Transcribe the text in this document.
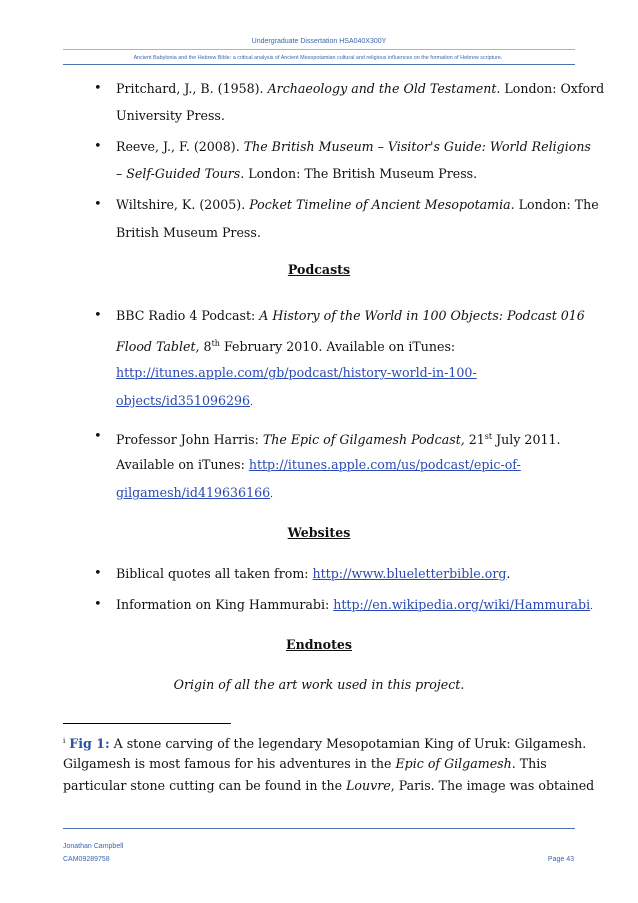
Undergraduate Dissertation HSA040X300Y
Ancient Babylonia and the Hebrew Bible: a critical analysis of Ancient Mesopotamian cultural and religious influences on the formation of Hebrew scripture.
• Pritchard, J., B. (1958). Archaeology and the Old Testament. London: Oxford
University Press.
• Reeve, J., F. (2008). The British Museum – Visitor's Guide: World Religions
– Self-Guided Tours. London: The British Museum Press.
• Wiltshire, K. (2005). Pocket Timeline of Ancient Mesopotamia. London: The
British Museum Press.
Podcasts
• BBC Radio 4 Podcast: A History of the World in 100 Objects: Podcast 016
Flood Tablet, 8th February 2010. Available on iTunes:
http://itunes.apple.com/gb/podcast/history-world-in-100-
objects/id351096296.
• Professor John Harris: The Epic of Gilgamesh Podcast, 21st July 2011.
Available on iTunes: http://itunes.apple.com/us/podcast/epic-of-
gilgamesh/id419636166.
Websites
• Biblical quotes all taken from: http://www.blueletterbible.org.
• Information on King Hammurabi: http://en.wikipedia.org/wiki/Hammurabi.
Endnotes
Origin of all the art work used in this project.
$^i$ Fig 1: A stone carving of the legendary Mesopotamian King of Uruk: Gilgamesh.
Gilgamesh is most famous for his adventures in the Epic of Gilgamesh. This
particular stone cutting can be found in the Louvre, Paris. The image was obtained
Jonathan Campbell
CAM09289758	Page 43
